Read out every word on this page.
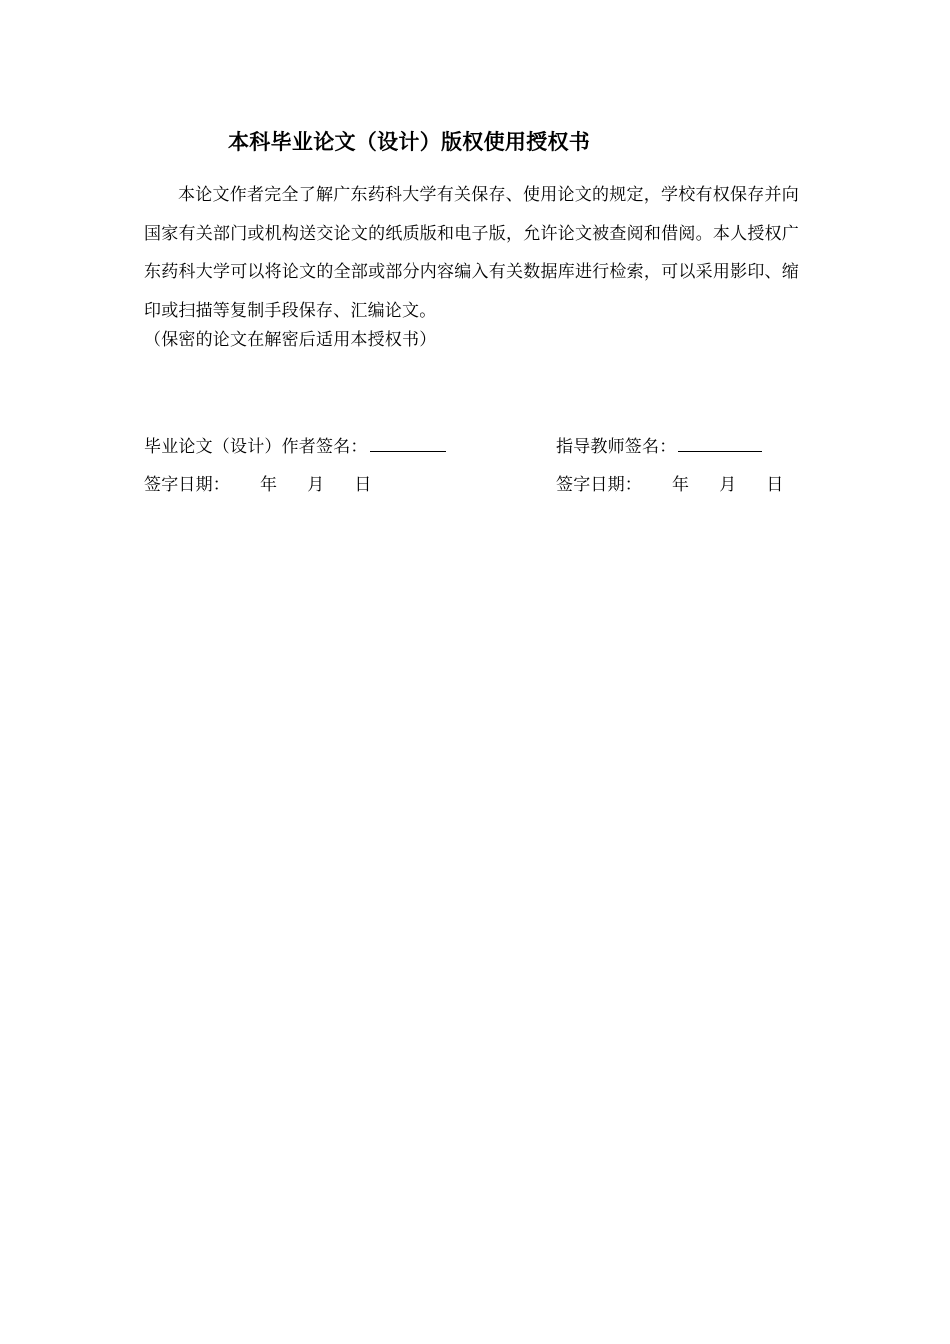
本科毕业论文（设计）版权使用授权书

本论文作者完全了解广东药科大学有关保存、使用论文的规定，学校有权保存并向国家有关部门或机构送交论文的纸质版和电子版，允许论文被查阅和借阅。本人授权广东药科大学可以将论文的全部或部分内容编入有关数据库进行检索，可以采用影印、缩印或扫描等复制手段保存、汇编论文。

（保密的论文在解密后适用本授权书）
毕业论文（设计）作者签名：	指导教师签名：
签字日期： 年 月 日	签字日期： 年 月 日
